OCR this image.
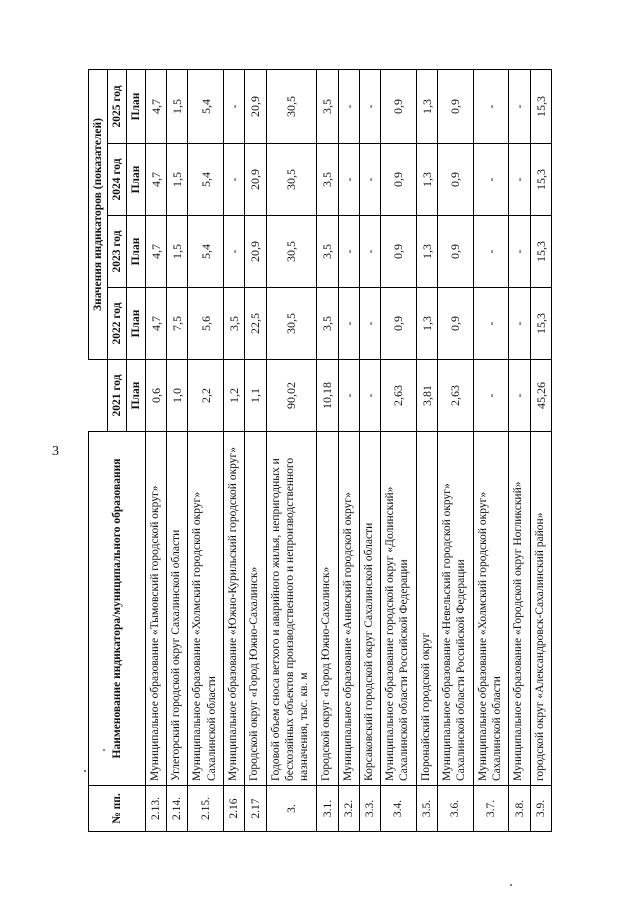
3
№ пп.	Наименование индикатора/муниципального образования		Значения индикаторов (показателей)			
		2021 год	2022 год	2023 год	2024 год	2025 год
		План	План	План	План	План
2.13.	Муниципальное образование «Тымовский городской округ»	0,6	4,7	4,7	4,7	4,7
2.14.	Углегорский городской округ Сахалинской области	1,0	7,5	1,5	1,5	1,5
2.15.	Муниципальное образование «Холмский городской округ» Сахалинской области	2,2	5,6	5,4	5,4	5,4
2.16	Муниципальное образование «Южно-Курильский городской округ»	1,2	3,5	-	-	-
2.17	Городской округ «Город Южно-Сахалинск»	1,1	22,5	20,9	20,9	20,9
3.	Годовой объем сноса ветхого и аварийного жилья, непригодных и бесхозяйных объектов производственного и непроизводственного назначения, тыс. кв. м	90,02	30,5	30,5	30,5	30,5
3.1.	Городской округ «Город Южно-Сахалинск»	10,18	3,5	3,5	3,5	3,5
3.2.	Муниципальное образование «Анивский городской округ»	-	-	-	-	-
3.3.	Корсаковский городской округ Сахалинской области	-	-	-	-	-
3.4.	Муниципальное образование городской округ «Долинский» Сахалинской области Российской Федерации	2,63	0,9	0,9	0,9	0,9
3.5.	Поронайский городской округ	3,81	1,3	1,3	1,3	1,3
3.6.	Муниципальное образование «Невельский городской округ» Сахалинской области Российской Федерации	2,63	0,9	0,9	0,9	0,9
3.7.	Муниципальное образование «Холмский городской округ» Сахалинской области	-	-	-	-	-
3.8.	Муниципальное образование «Городской округ Ногликский»	-	-	-	-	-
3.9.	городской округ «Александровск-Сахалинский район»	45,26	15,3	15,3	15,3	15,3
